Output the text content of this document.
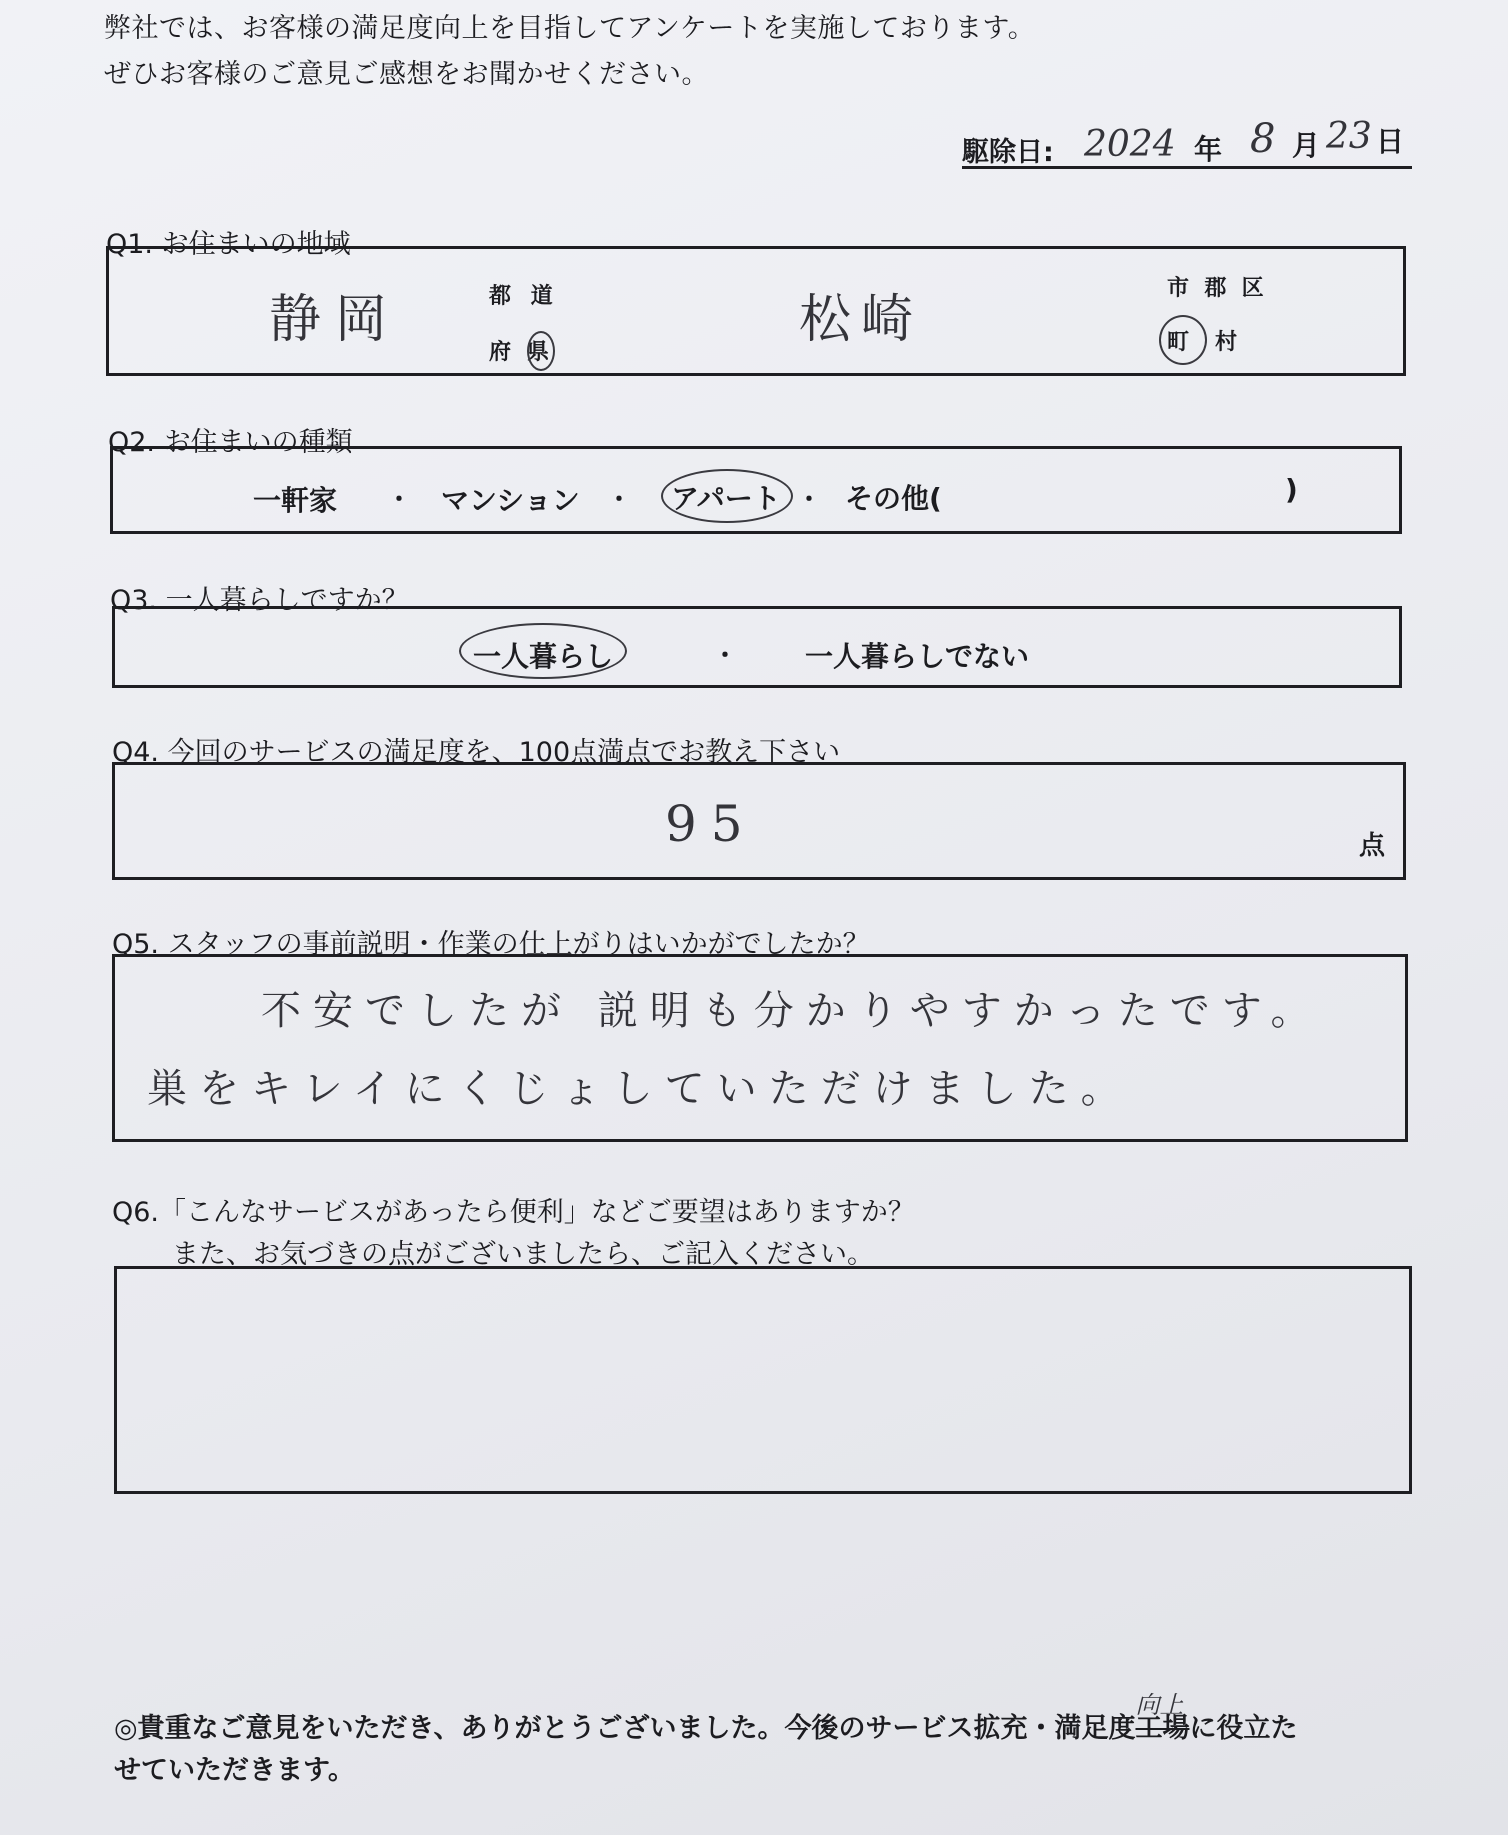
弊社では、お客様の満足度向上を目指してアンケートを実施しております。
ぜひお客様のご意見ご感想をお聞かせください。
駆除日: 2024 年 8 月 23 日
Q1. お住まいの地域
静岡	都 道
府 県
松崎
市  郡  区
町 村
Q2. お住まいの種類
一軒家 ・ マンション ・ アパート ・ その他(	)
Q3. 一人暮らしですか？
一人暮らし	・ 一人暮らしでない
Q4. 今回のサービスの満足度を、100点満点でお教え下さい
95	点
Q5. スタッフの事前説明・作業の仕上がりはいかがでしたか？
不安でしたが 説明も分かりやすかったです。
巣をキレイにくじょしていただけました。
Q6.「こんなサービスがあったら便利」などご要望はありますか？
また、お気づきの点がございましたら、ご記入ください。
◎貴重なご意見をいただき、ありがとうございました。今後のサービス拡充・満足度工場
向上
に役立た
せていただきます。
